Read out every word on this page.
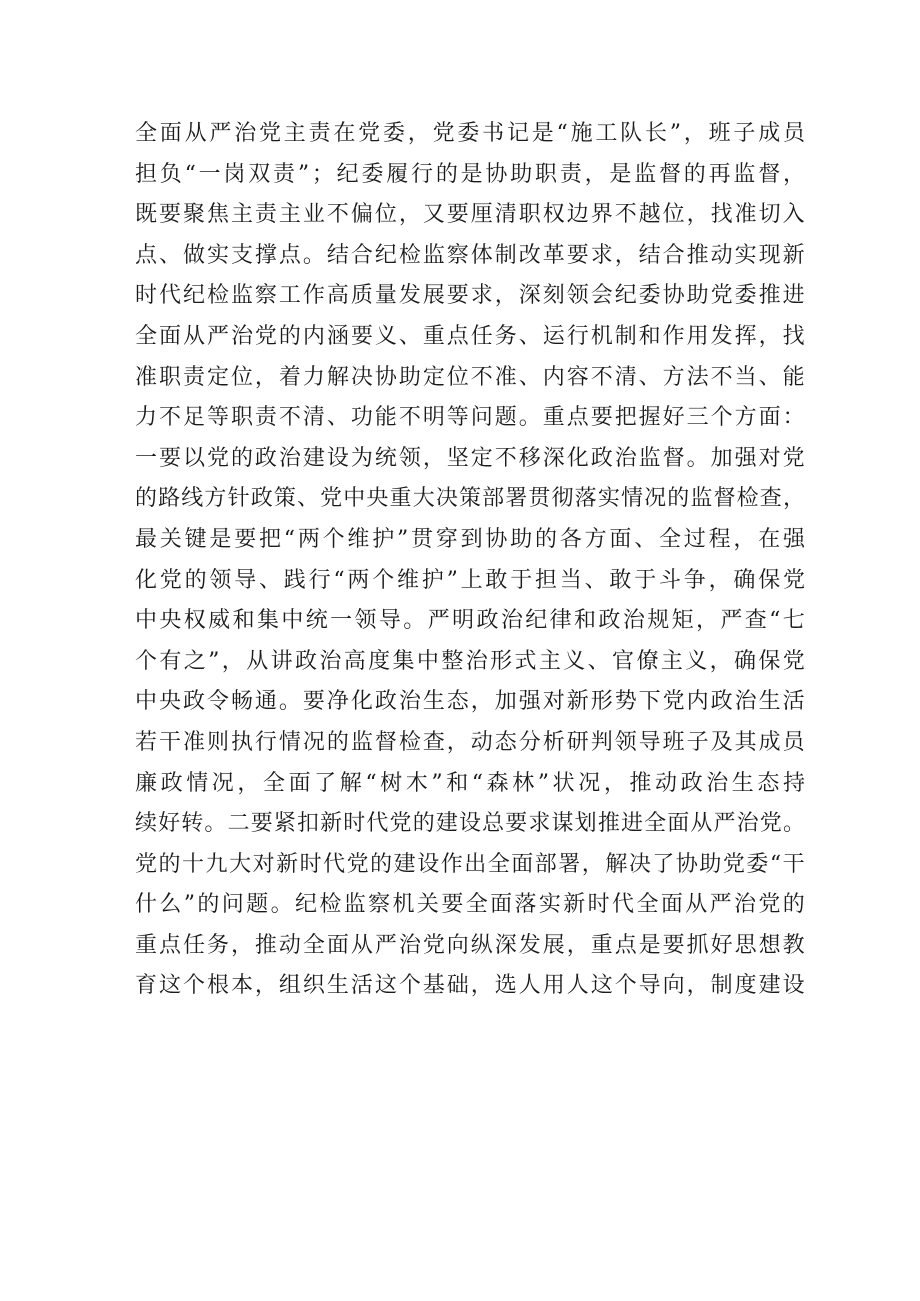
全 面 从 严 治 党 主 责 在 党 委 ， 党 委 书 记 是 “ 施 工 队 长 ” ， 班 子 成 员
担 负 “ 一 岗 双 责 ” ； 纪 委 履 行 的 是 协 助 职 责 ， 是 监 督 的 再 监 督 ，
既 要 聚 焦 主 责 主 业 不 偏 位 ， 又 要 厘 清 职 权 边 界 不 越 位 ， 找 准 切 入
点 、 做 实 支 撑 点 。 结 合 纪 检 监 察 体 制 改 革 要 求 ， 结 合 推 动 实 现 新
时 代 纪 检 监 察 工 作 高 质 量 发 展 要 求 ， 深 刻 领 会 纪 委 协 助 党 委 推 进
全 面 从 严 治 党 的 内 涵 要 义 、 重 点 任 务 、 运 行 机 制 和 作 用 发 挥 ， 找
准 职 责 定 位 ， 着 力 解 决 协 助 定 位 不 准 、 内 容 不 清 、 方 法 不 当 、 能
力 不 足 等 职 责 不 清 、 功 能 不 明 等 问 题 。 重 点 要 把 握 好 三 个 方 面 ：
一 要 以 党 的 政 治 建 设 为 统 领 ， 坚 定 不 移 深 化 政 治 监 督 。 加 强 对 党
的 路 线 方 针 政 策 、 党 中 央 重 大 决 策 部 署 贯 彻 落 实 情 况 的 监 督 检 查 ，
最 关 键 是 要 把 “ 两 个 维 护 ” 贯 穿 到 协 助 的 各 方 面 、 全 过 程 ， 在 强
化 党 的 领 导 、 践 行 “ 两 个 维 护 ” 上 敢 于 担 当 、 敢 于 斗 争 ， 确 保 党
中 央 权 威 和 集 中 统 一 领 导 。 严 明 政 治 纪 律 和 政 治 规 矩 ， 严 查 “ 七
个 有 之 ” ， 从 讲 政 治 高 度 集 中 整 治 形 式 主 义 、 官 僚 主 义 ， 确 保 党
中 央 政 令 畅 通 。 要 净 化 政 治 生 态 ， 加 强 对 新 形 势 下 党 内 政 治 生 活
若 干 准 则 执 行 情 况 的 监 督 检 查 ， 动 态 分 析 研 判 领 导 班 子 及 其 成 员
廉 政 情 况 ， 全 面 了 解 “ 树 木 ” 和 “ 森 林 ” 状 况 ， 推 动 政 治 生 态 持
续 好 转 。 二 要 紧 扣 新 时 代 党 的 建 设 总 要 求 谋 划 推 进 全 面 从 严 治 党 。
党 的 十 九 大 对 新 时 代 党 的 建 设 作 出 全 面 部 署 ， 解 决 了 协 助 党 委 “ 干
什 么 ” 的 问 题 。 纪 检 监 察 机 关 要 全 面 落 实 新 时 代 全 面 从 严 治 党 的
重 点 任 务 ， 推 动 全 面 从 严 治 党 向 纵 深 发 展 ， 重 点 是 要 抓 好 思 想 教
育 这 个 根 本 ， 组 织 生 活 这 个 基 础 ， 选 人 用 人 这 个 导 向 ， 制 度 建 设
